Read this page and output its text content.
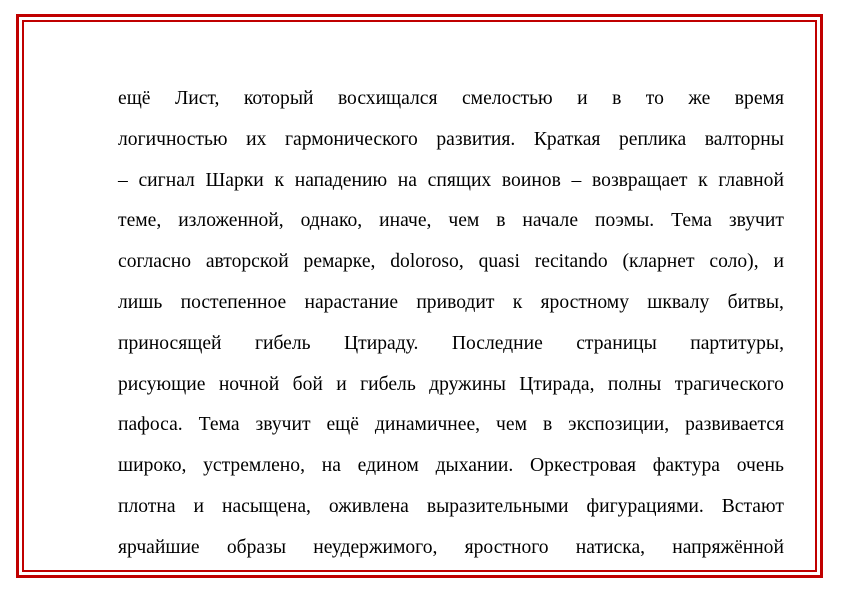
ещё Лист, который восхищался смелостью и в то же время
логичностью их гармонического развития. Краткая реплика валторны
– сигнал Шарки к нападению на спящих воинов – возвращает к главной
теме, изложенной, однако, иначе, чем в начале поэмы. Тема звучит
согласно авторской ремарке, doloroso, quasi recitando (кларнет соло), и
лишь постепенное нарастание приводит к яростному шквалу битвы,
приносящей гибель Цтираду. Последние страницы партитуры,
рисующие ночной бой и гибель дружины Цтирада, полны трагического
пафоса. Тема звучит ещё динамичнее, чем в экспозиции, развивается
широко, устремлено, на едином дыхании. Оркестровая фактура очень
плотна и насыщена, оживлена выразительными фигурациями. Встают
ярчайшие образы неудержимого, яростного натиска, напряжённой
